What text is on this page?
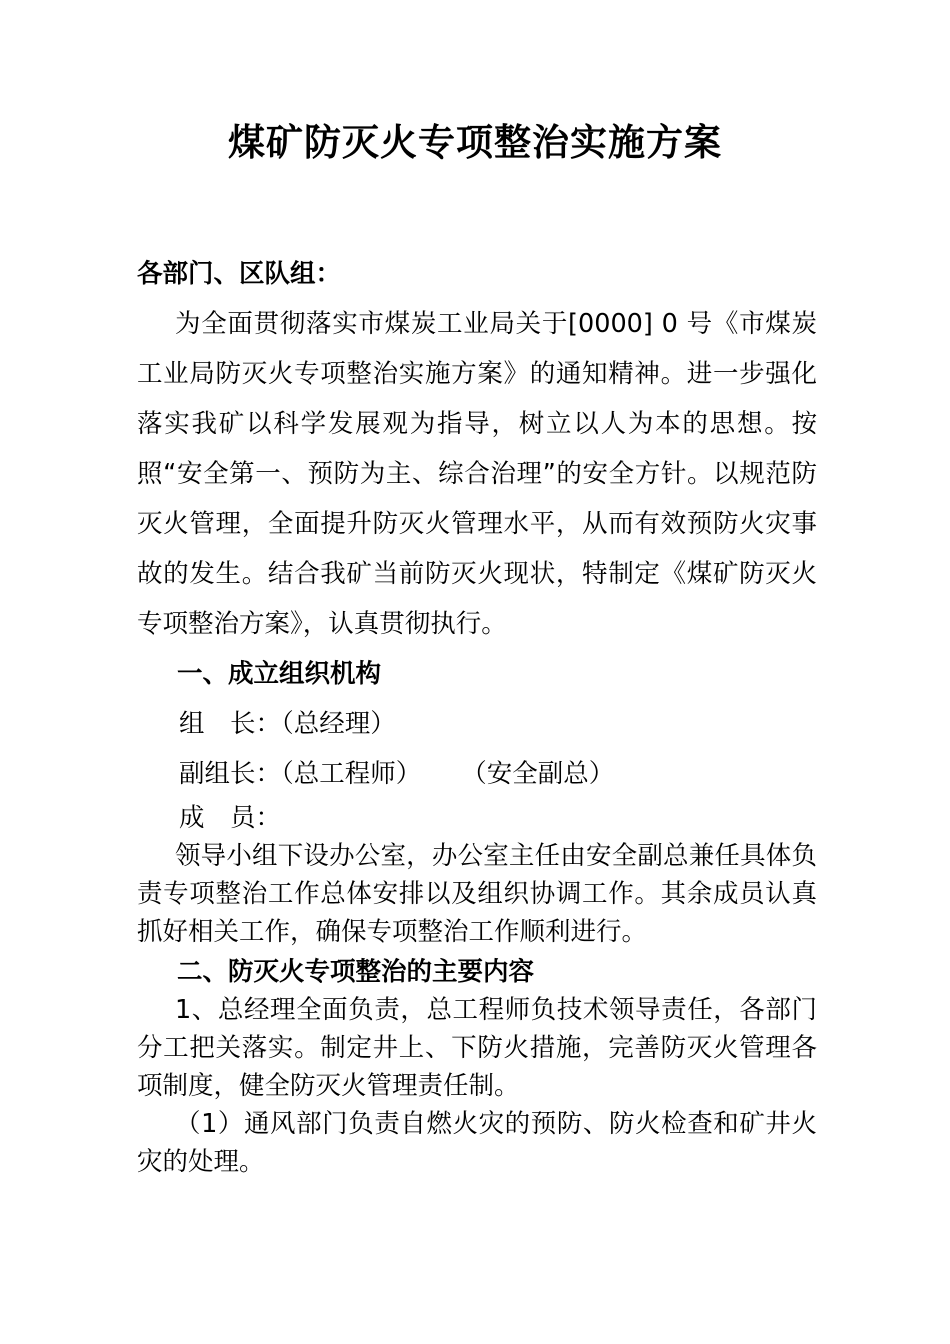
煤矿防灭火专项整治实施方案

各部门、区队组：

为全面贯彻落实市煤炭工业局关于[0000] 0 号《市煤炭工业局防灭火专项整治实施方案》的通知精神。进一步强化落实我矿以科学发展观为指导，树立以人为本的思想。按照“安全第一、预防为主、综合治理”的安全方针。以规范防灭火管理，全面提升防灭火管理水平，从而有效预防火灾事故的发生。结合我矿当前防灭火现状，特制定《煤矿防灭火专项整治方案》，认真贯彻执行。

一、成立组织机构

组　长：（总经理）

副组长：（总工程师） （安全副总）

成　员：

领导小组下设办公室，办公室主任由安全副总兼任具体负责专项整治工作总体安排以及组织协调工作。其余成员认真抓好相关工作，确保专项整治工作顺利进行。

二、防灭火专项整治的主要内容

1、总经理全面负责，总工程师负技术领导责任，各部门分工把关落实。制定井上、下防火措施，完善防灭火管理各项制度，健全防灭火管理责任制。

（1）通风部门负责自燃火灾的预防、防火检查和矿井火灾的处理。
